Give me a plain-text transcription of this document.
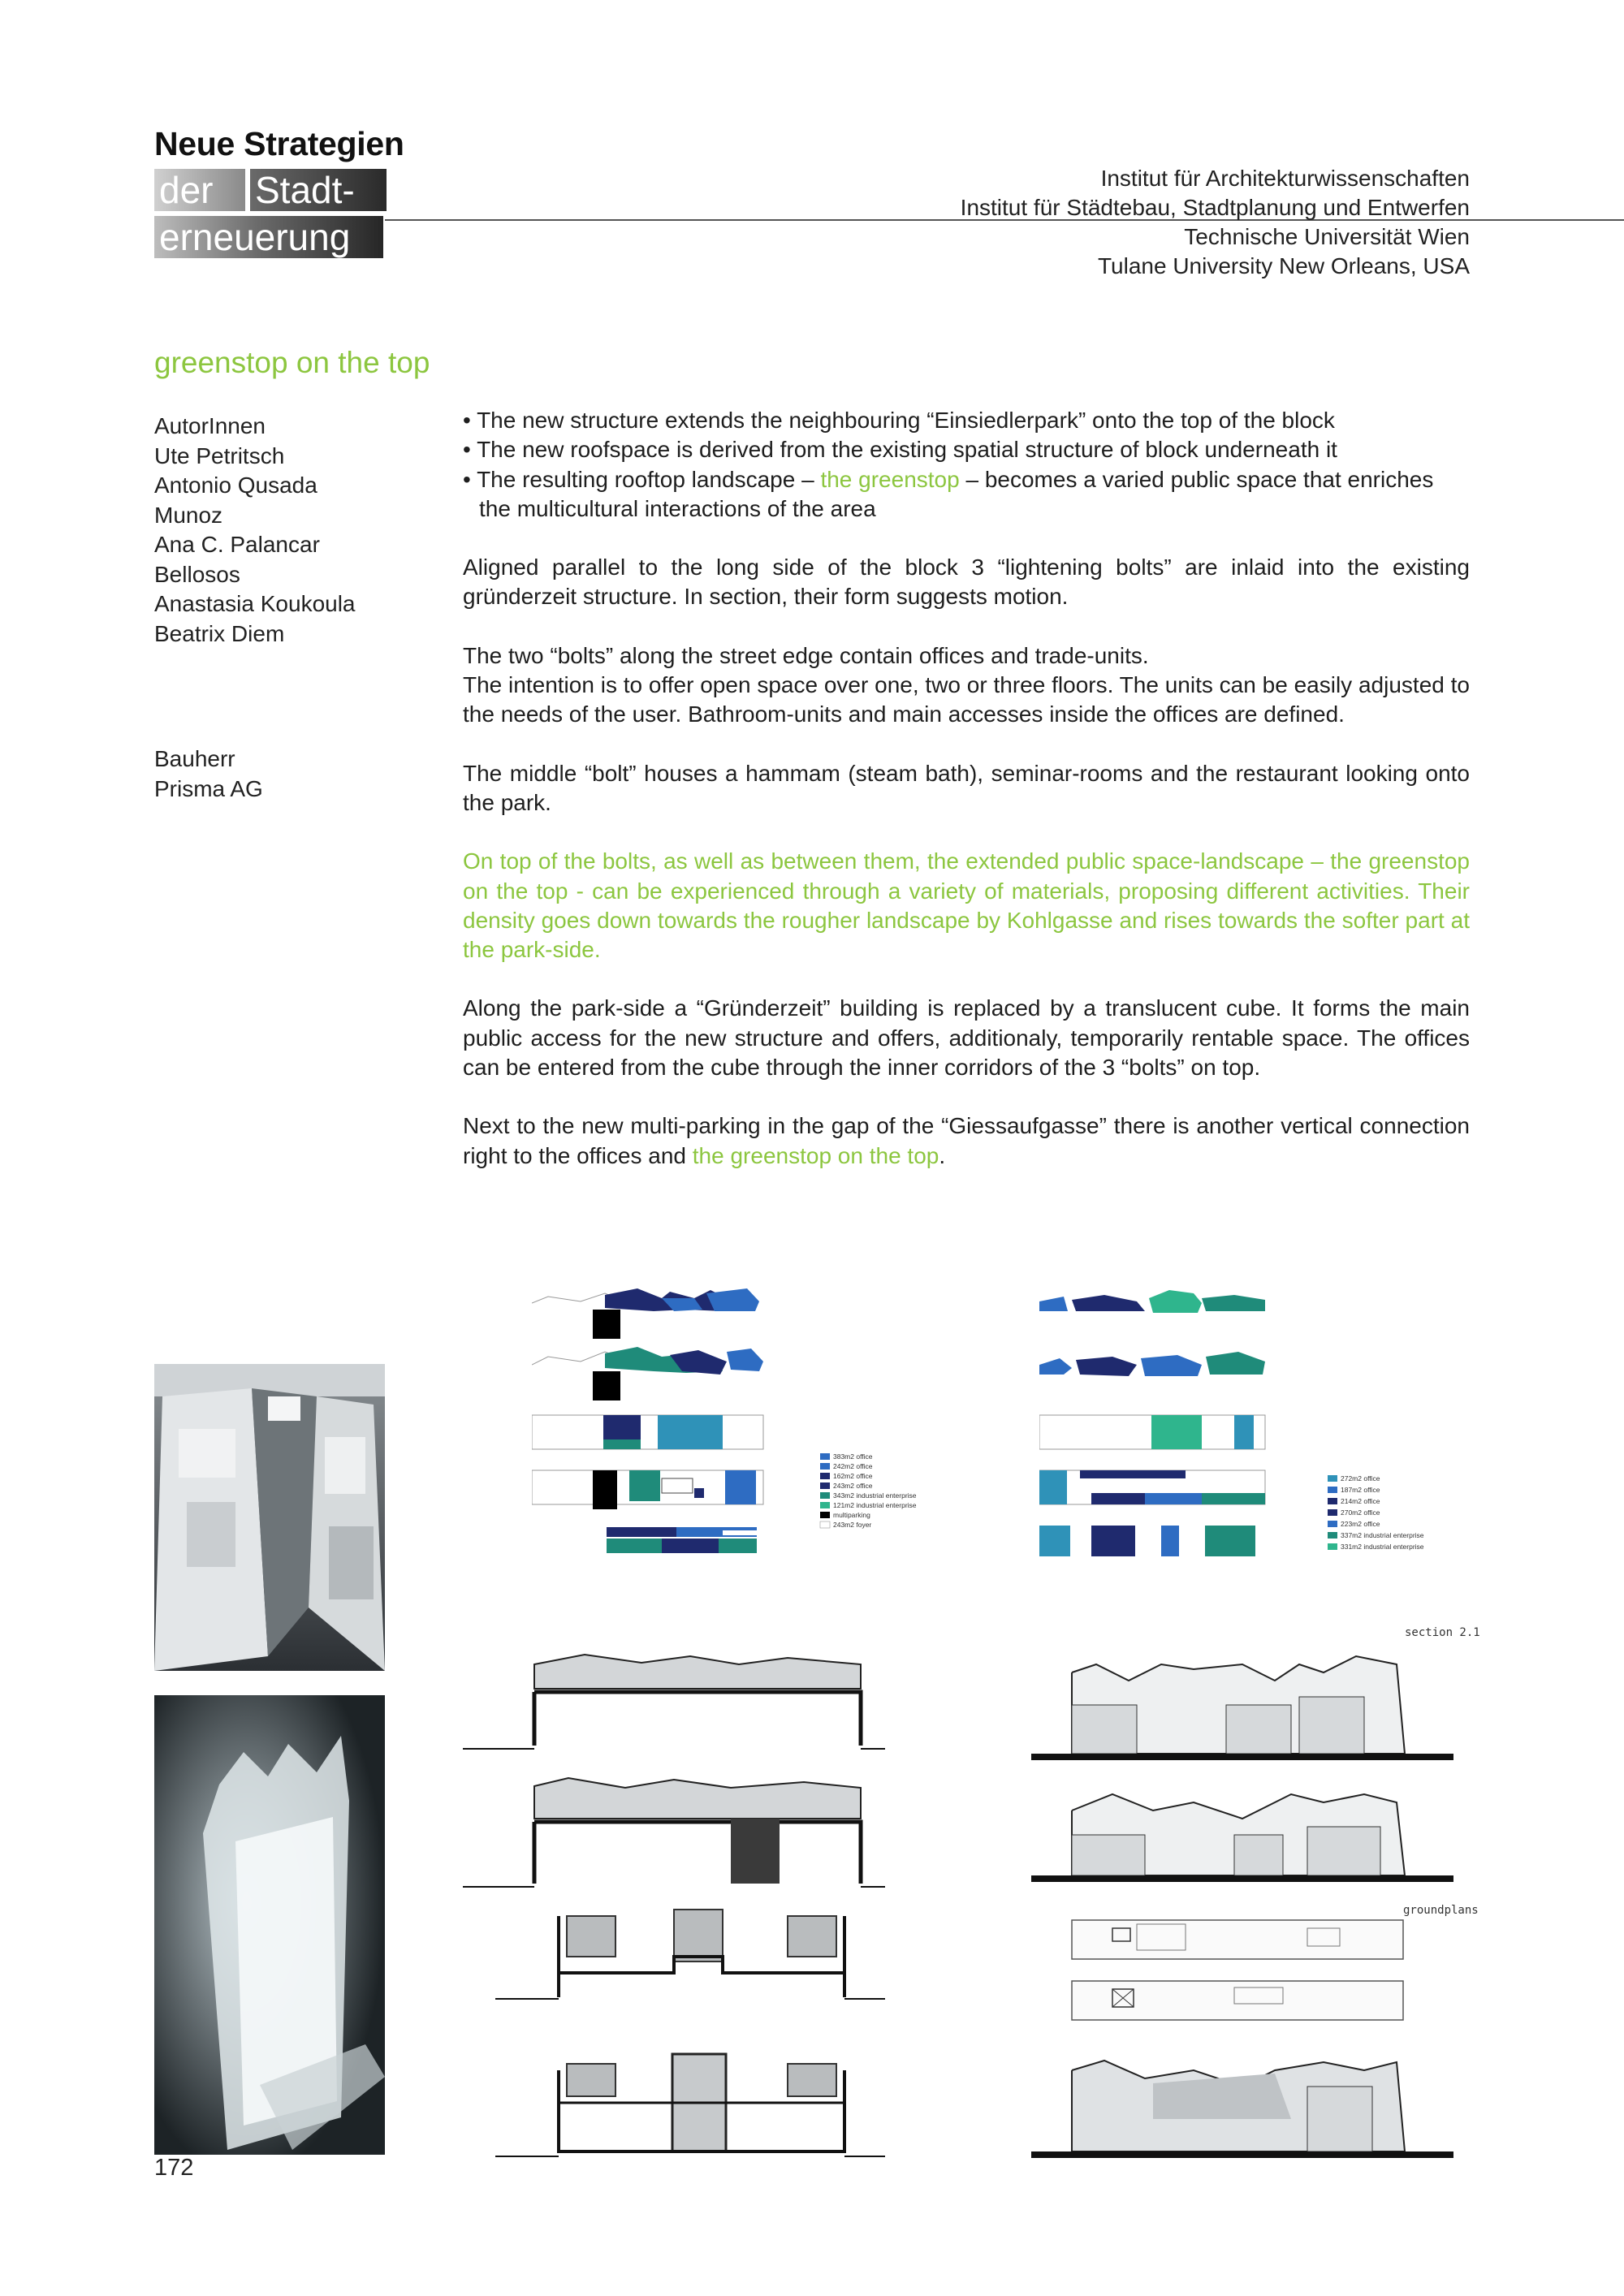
Neue Strategien
der	Stadt-
erneuerung
Institut für Architekturwissenschaften
Institut für Städtebau, Stadtplanung und Entwerfen
Technische Universität Wien
Tulane University New Orleans, USA
greenstop on the top
AutorInnen
Ute Petritsch
Antonio Qusada
Munoz
Ana C. Palancar
Bellosos
Anastasia Koukoula
Beatrix Diem
Bauherr
Prisma AG

• The new structure extends the neighbouring “Einsiedlerpark” onto the top of the block

• The new roofspace is derived from the existing spatial structure of block underneath it

• The resulting rooftop landscape – the greenstop – becomes a varied public space that enriches the multicultural interactions of the area

Aligned parallel to the long side of the block 3 “lightening bolts” are inlaid into the existing gründerzeit structure. In section, their form suggests motion.

The two “bolts” along the street edge contain offices and trade-units.

The intention is to offer open space over one, two or three floors. The units can be easily adjusted to the needs of the user. Bathroom-units and main accesses inside the offices are defined.

The middle “bolt” houses a hammam (steam bath), seminar-rooms and the restaurant looking onto the park.

On top of the bolts, as well as between them, the extended public space-landscape – the greenstop on the top - can be experienced through a variety of materials, proposing different activities. Their density goes down towards the rougher landscape by Kohlgasse and rises towards the softer part at the park-side.

Along the park-side a “Gründerzeit” building is replaced by a translucent cube. It forms the main public access for the new structure and offers, additionaly, temporarily rentable space. The offices can be entered from the cube through the inner corridors of the 3 “bolts” on top.

Next to the new multi-parking in the gap of the “Giessaufgasse” there is another vertical connection right to the offices and the greenstop on the top.

172
383m2 office
242m2 office
162m2 office
243m2 office
343m2 industrial enterprise
121m2 industrial enterprise
multiparking
243m2 foyer
272m2 office
187m2 office
214m2 office
270m2 office
223m2 office
337m2 industrial enterprise
331m2 industrial enterprise
section 2.1
groundplans
